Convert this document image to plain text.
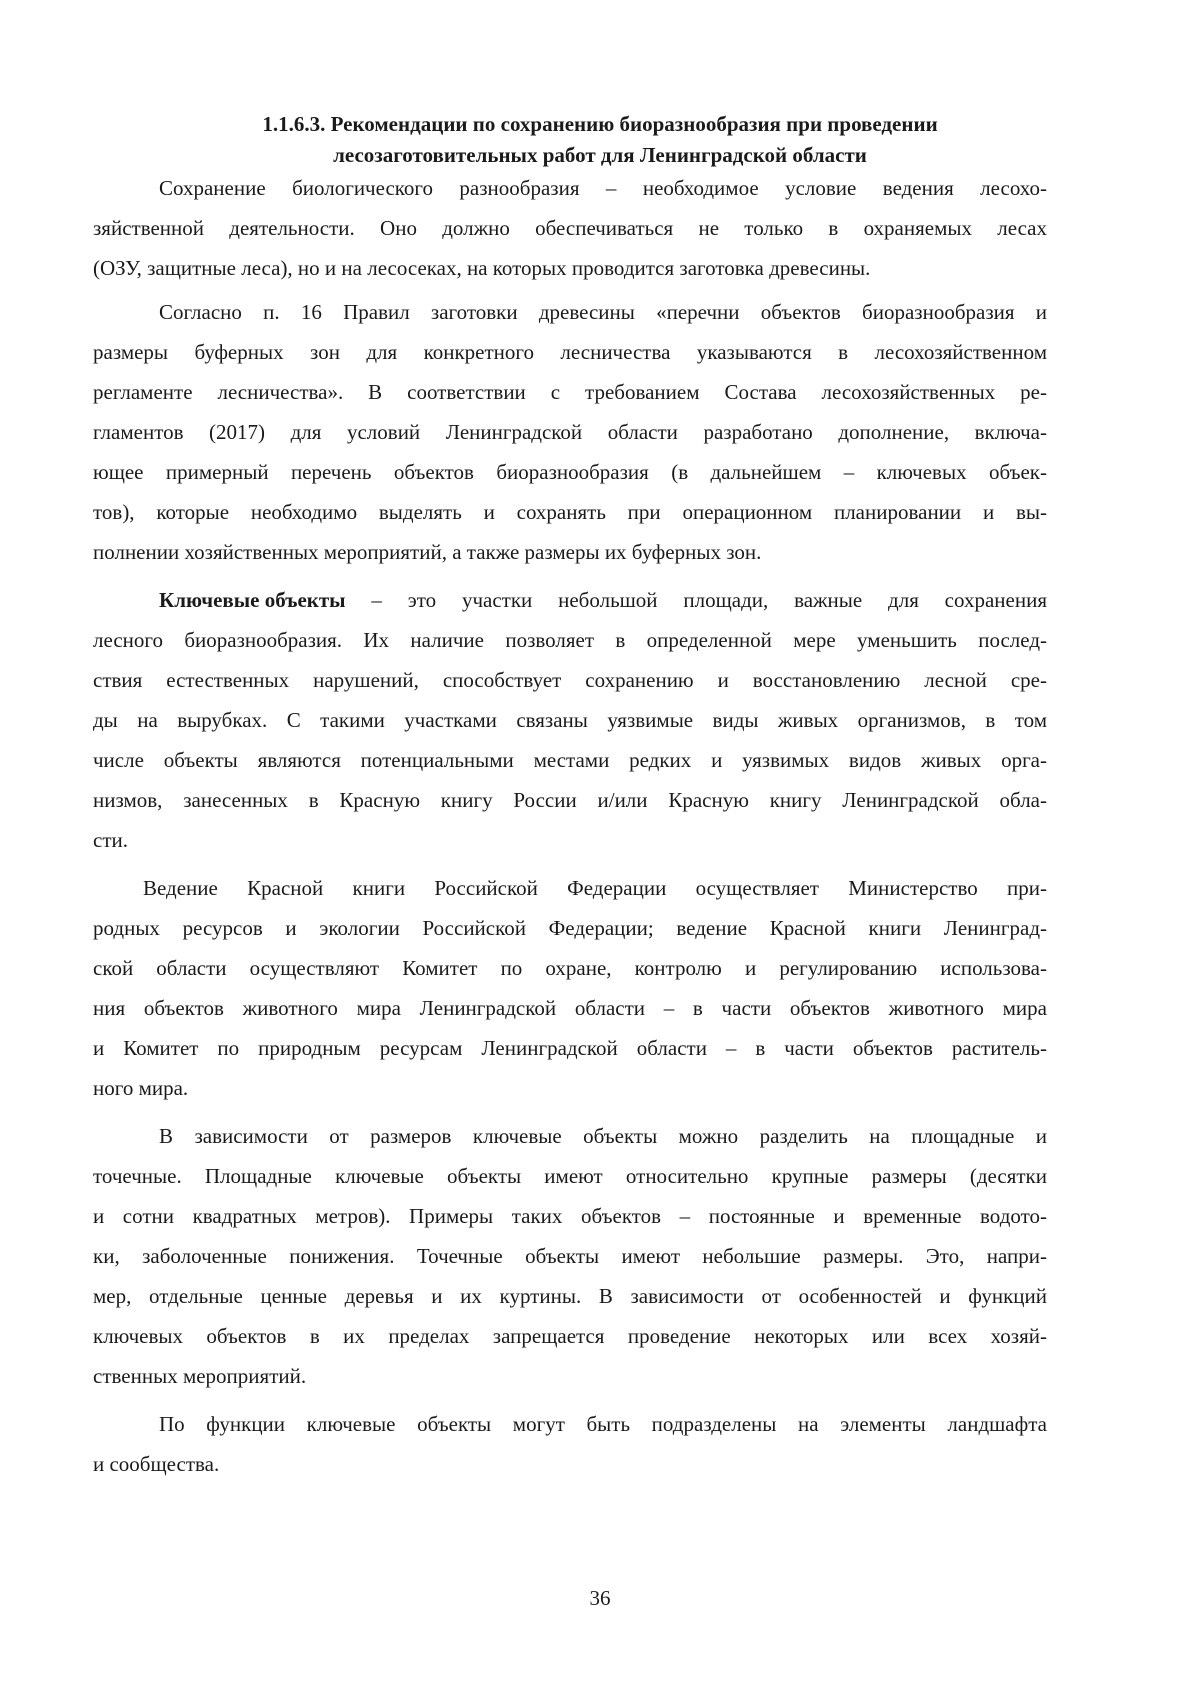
1.1.6.3. Рекомендации по сохранению биоразнообразия при проведении
лесозаготовительных работ для Ленинградской области
Сохранение биологического разнообразия – необходимое условие ведения лесохо-
зяйственной деятельности. Оно должно обеспечиваться не только в охраняемых лесах
(ОЗУ, защитные леса), но и на лесосеках, на которых проводится заготовка древесины.
Согласно п. 16 Правил заготовки древесины «перечни объектов биоразнообразия и
размеры буферных зон для конкретного лесничества указываются в лесохозяйственном
регламенте лесничества». В соответствии с требованием Состава лесохозяйственных ре-
гламентов (2017) для условий Ленинградской области разработано дополнение, включа-
ющее примерный перечень объектов биоразнообразия (в дальнейшем – ключевых объек-
тов), которые необходимо выделять и сохранять при операционном планировании и вы-
полнении хозяйственных мероприятий, а также размеры их буферных зон.
Ключевые объекты – это участки небольшой площади, важные для сохранения
лесного биоразнообразия. Их наличие позволяет в определенной мере уменьшить послед-
ствия естественных нарушений, способствует сохранению и восстановлению лесной сре-
ды на вырубках. С такими участками связаны уязвимые виды живых организмов, в том
числе объекты являются потенциальными местами редких и уязвимых видов живых орга-
низмов, занесенных в Красную книгу России и/или Красную книгу Ленинградской обла-
сти.
Ведение Красной книги Российской Федерации осуществляет Министерство при-
родных ресурсов и экологии Российской Федерации; ведение Красной книги Ленинград-
ской области осуществляют Комитет по охране, контролю и регулированию использова-
ния объектов животного мира Ленинградской области – в части объектов животного мира
и Комитет по природным ресурсам Ленинградской области – в части объектов раститель-
ного мира.
В зависимости от размеров ключевые объекты можно разделить на площадные и
точечные. Площадные ключевые объекты имеют относительно крупные размеры (десятки
и сотни квадратных метров). Примеры таких объектов – постоянные и временные водото-
ки, заболоченные понижения. Точечные объекты имеют небольшие размеры. Это, напри-
мер, отдельные ценные деревья и их куртины. В зависимости от особенностей и функций
ключевых объектов в их пределах запрещается проведение некоторых или всех хозяй-
ственных мероприятий.
По функции ключевые объекты могут быть подразделены на элементы ландшафта
и сообщества.
36
